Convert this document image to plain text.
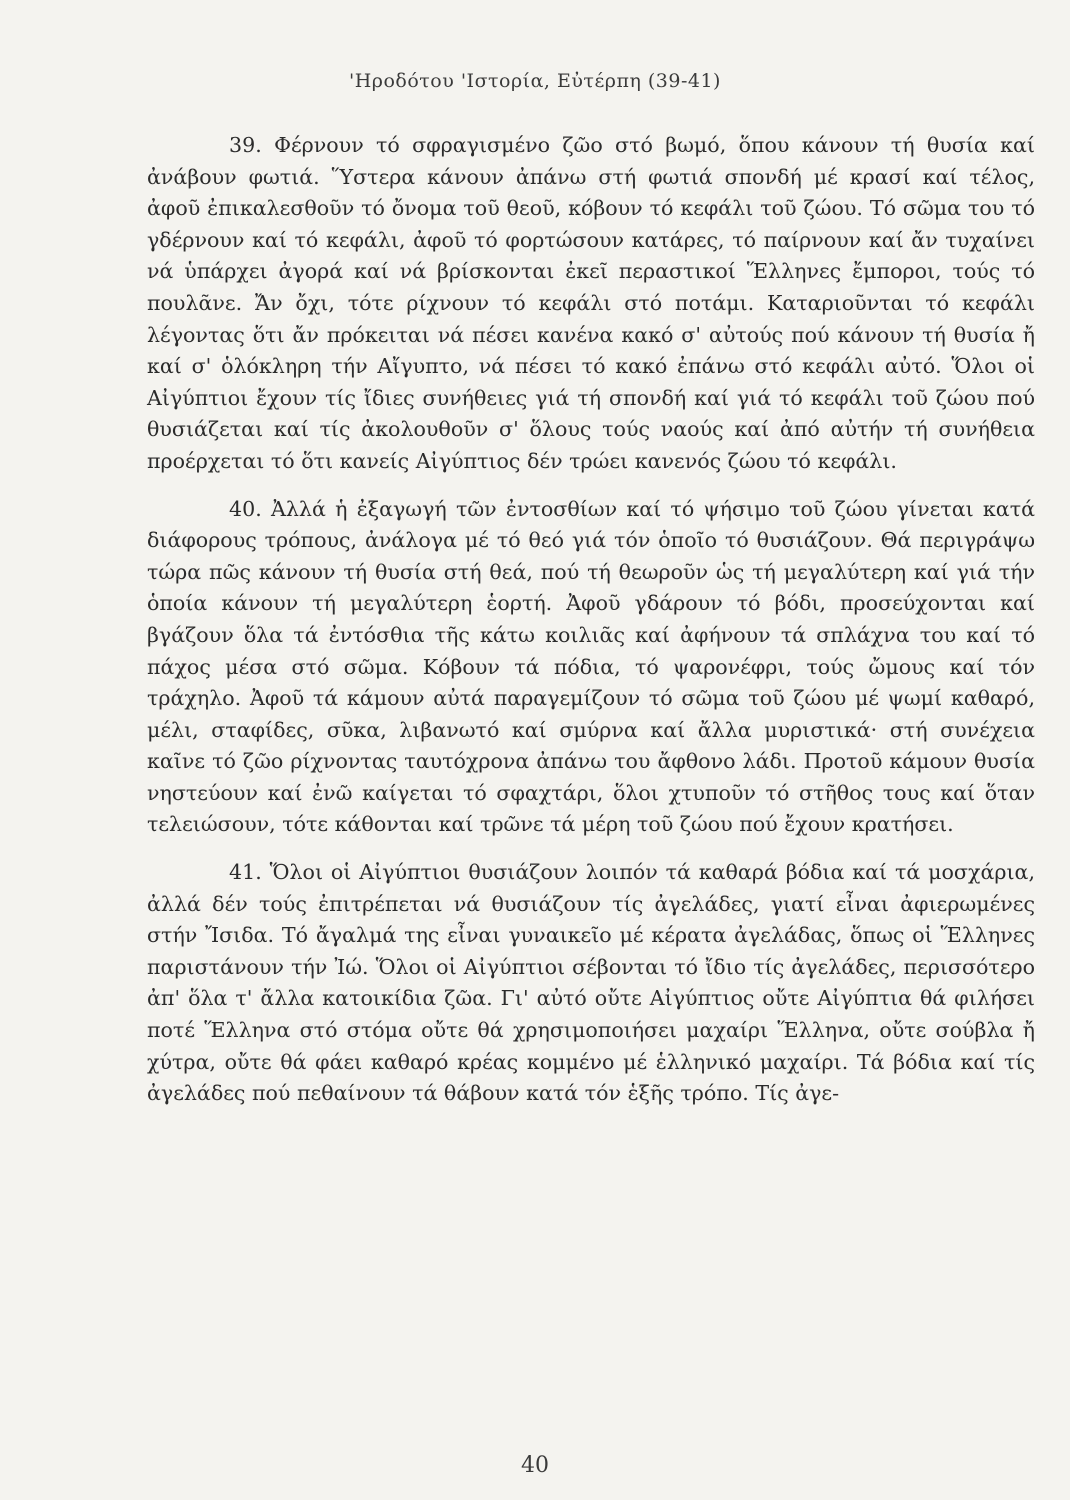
'Ηροδότου 'Ιστορία, Εὐτέρπη (39-41)

39. Φέρνουν τό σφραγισμένο ζῶο στό βωμό, ὅπου κάνουν τή θυσία καί ἀνάβουν φωτιά. Ὕστερα κάνουν ἀπάνω στή φωτιά σπονδή μέ κρασί καί τέλος, ἀφοῦ ἐπικαλεσθοῦν τό ὄνομα τοῦ θεοῦ, κόβουν τό κεφάλι τοῦ ζώου. Τό σῶμα του τό γδέρνουν καί τό κεφάλι, ἀφοῦ τό φορτώσουν κατάρες, τό παίρνουν καί ἄν τυχαίνει νά ὑπάρχει ἀγορά καί νά βρίσκονται ἐκεῖ περαστικοί Ἕλληνες ἔμποροι, τούς τό πουλᾶνε. Ἄν ὄχι, τότε ρίχνουν τό κεφάλι στό ποτάμι. Καταριοῦνται τό κεφάλι λέγοντας ὅτι ἄν πρόκειται νά πέσει κανένα κακό σ' αὐτούς πού κάνουν τή θυσία ἤ καί σ' ὁλόκληρη τήν Αἴγυπτο, νά πέσει τό κακό ἐπάνω στό κεφάλι αὐτό. Ὅλοι οἱ Αἰγύπτιοι ἔχουν τίς ἴδιες συνήθειες γιά τή σπονδή καί γιά τό κεφάλι τοῦ ζώου πού θυσιάζεται καί τίς ἀκολουθοῦν σ' ὅλους τούς ναούς καί ἀπό αὐτήν τή συνήθεια προέρχεται τό ὅτι κανείς Αἰγύπτιος δέν τρώει κανενός ζώου τό κεφάλι.

40. Ἀλλά ἡ ἐξαγωγή τῶν ἐντοσθίων καί τό ψήσιμο τοῦ ζώου γίνεται κατά διάφορους τρόπους, ἀνάλογα μέ τό θεό γιά τόν ὁποῖο τό θυσιάζουν. Θά περιγράψω τώρα πῶς κάνουν τή θυσία στή θεά, πού τή θεωροῦν ὡς τή μεγαλύτερη καί γιά τήν ὁποία κάνουν τή μεγαλύτερη ἑορτή. Ἀφοῦ γδάρουν τό βόδι, προσεύχονται καί βγάζουν ὅλα τά ἐντόσθια τῆς κάτω κοιλιᾶς καί ἀφήνουν τά σπλάχνα του καί τό πάχος μέσα στό σῶμα. Κόβουν τά πόδια, τό ψαρονέφρι, τούς ὤμους καί τόν τράχηλο. Ἀφοῦ τά κάμουν αὐτά παραγεμίζουν τό σῶμα τοῦ ζώου μέ ψωμί καθαρό, μέλι, σταφίδες, σῦκα, λιβανωτό καί σμύρνα καί ἄλλα μυριστικά· στή συνέχεια καῖνε τό ζῶο ρίχνοντας ταυτόχρονα ἀπάνω του ἄφθονο λάδι. Προτοῦ κάμουν θυσία νηστεύουν καί ἐνῶ καίγεται τό σφαχτάρι, ὅλοι χτυποῦν τό στῆθος τους καί ὅταν τελειώσουν, τότε κάθονται καί τρῶνε τά μέρη τοῦ ζώου πού ἔχουν κρατήσει.

41. Ὅλοι οἱ Αἰγύπτιοι θυσιάζουν λοιπόν τά καθαρά βόδια καί τά μοσχάρια, ἀλλά δέν τούς ἐπιτρέπεται νά θυσιάζουν τίς ἀγελάδες, γιατί εἶναι ἀφιερωμένες στήν Ἴσιδα. Τό ἄγαλμά της εἶναι γυναικεῖο μέ κέρατα ἀγελάδας, ὅπως οἱ Ἕλληνες παριστάνουν τήν Ἰώ. Ὅλοι οἱ Αἰγύπτιοι σέβονται τό ἴδιο τίς ἀγελάδες, περισσότερο ἀπ' ὅλα τ' ἄλλα κατοικίδια ζῶα. Γι' αὐτό οὔτε Αἰγύπτιος οὔτε Αἰγύπτια θά φιλήσει ποτέ Ἕλληνα στό στόμα οὔτε θά χρησιμοποιήσει μαχαίρι Ἕλληνα, οὔτε σούβλα ἤ χύτρα, οὔτε θά φάει καθαρό κρέας κομμένο μέ ἑλληνικό μαχαίρι. Τά βόδια καί τίς ἀγελάδες πού πεθαίνουν τά θάβουν κατά τόν ἑξῆς τρόπο. Τίς ἀγε-

40
